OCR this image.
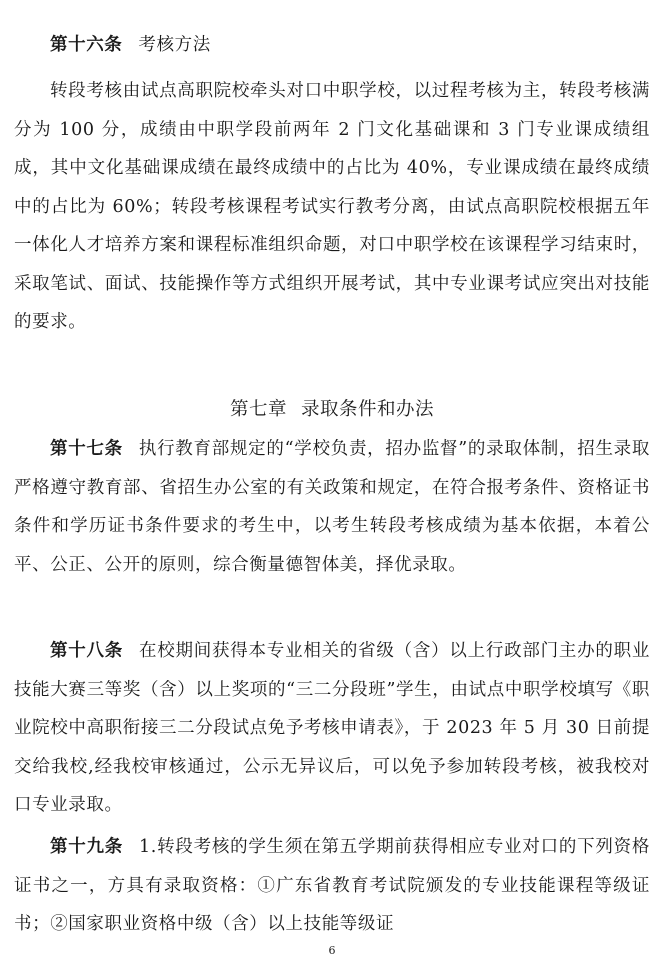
第十六条 考核方法

转段考核由试点高职院校牵头对口中职学校，以过程考核为主，转段考核满分为 100 分，成绩由中职学段前两年 2 门文化基础课和 3 门专业课成绩组成，其中文化基础课成绩在最终成绩中的占比为 40%，专业课成绩在最终成绩中的占比为 60%；转段考核课程考试实行教考分离，由试点高职院校根据五年一体化人才培养方案和课程标准组织命题，对口中职学校在该课程学习结束时，采取笔试、面试、技能操作等方式组织开展考试，其中专业课考试应突出对技能的要求。

第七章 录取条件和办法

第十七条 执行教育部规定的“学校负责，招办监督”的录取体制，招生录取严格遵守教育部、省招生办公室的有关政策和规定，在符合报考条件、资格证书条件和学历证书条件要求的考生中，以考生转段考核成绩为基本依据，本着公平、公正、公开的原则，综合衡量德智体美，择优录取。

第十八条 在校期间获得本专业相关的省级（含）以上行政部门主办的职业技能大赛三等奖（含）以上奖项的“三二分段班”学生，由试点中职学校填写《职业院校中高职衔接三二分段试点免予考核申请表》，于 2023 年 5 月 30 日前提交给我校,经我校审核通过，公示无异议后，可以免予参加转段考核，被我校对口专业录取。

第十九条 1.转段考核的学生须在第五学期前获得相应专业对口的下列资格证书之一，方具有录取资格：①广东省教育考试院颁发的专业技能课程等级证书；②国家职业资格中级（含）以上技能等级证

6
